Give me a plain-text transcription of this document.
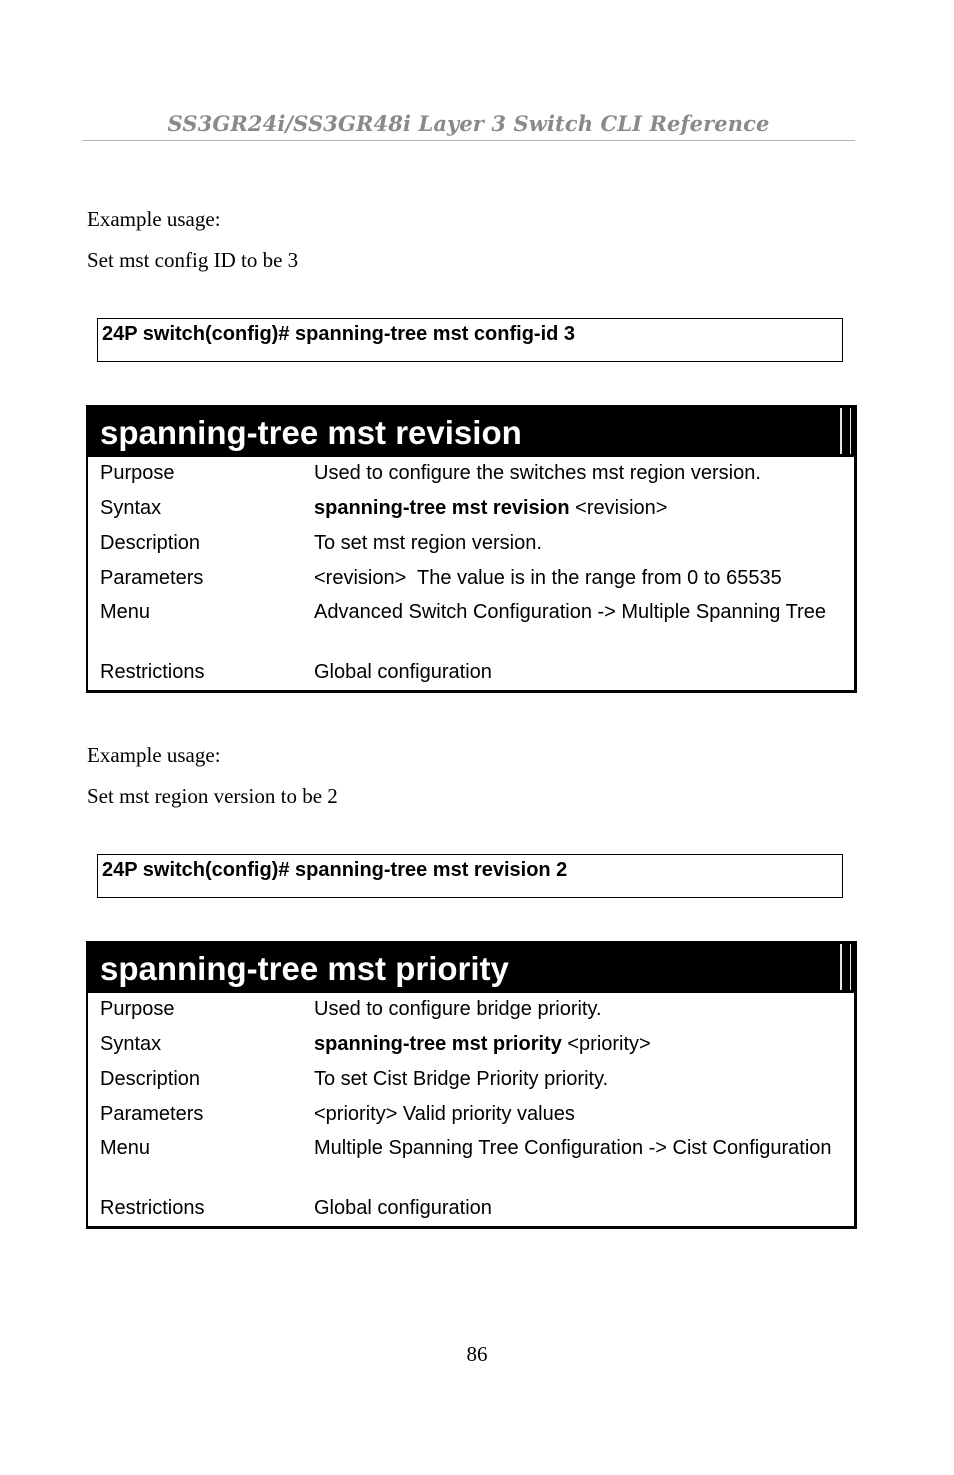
SS3GR24i/SS3GR48i Layer 3 Switch CLI Reference
Example usage:
Set mst config ID to be 3
24P switch(config)# spanning-tree mst config-id 3
spanning-tree mst revision
Purpose	Used to configure the switches mst region version.
Syntax	spanning-tree mst revision <revision>
Description	To set mst region version.
Parameters	<revision>  The value is in the range from 0 to 65535
Menu	Advanced Switch Configuration -> Multiple Spanning Tree
Restrictions	Global configuration
Example usage:
Set mst region version to be 2
24P switch(config)# spanning-tree mst revision 2
spanning-tree mst priority
Purpose	Used to configure bridge priority.
Syntax	spanning-tree mst priority <priority>
Description	To set Cist Bridge Priority priority.
Parameters	<priority> Valid priority values
Menu	Multiple Spanning Tree Configuration -> Cist Configuration
Restrictions	Global configuration
86
